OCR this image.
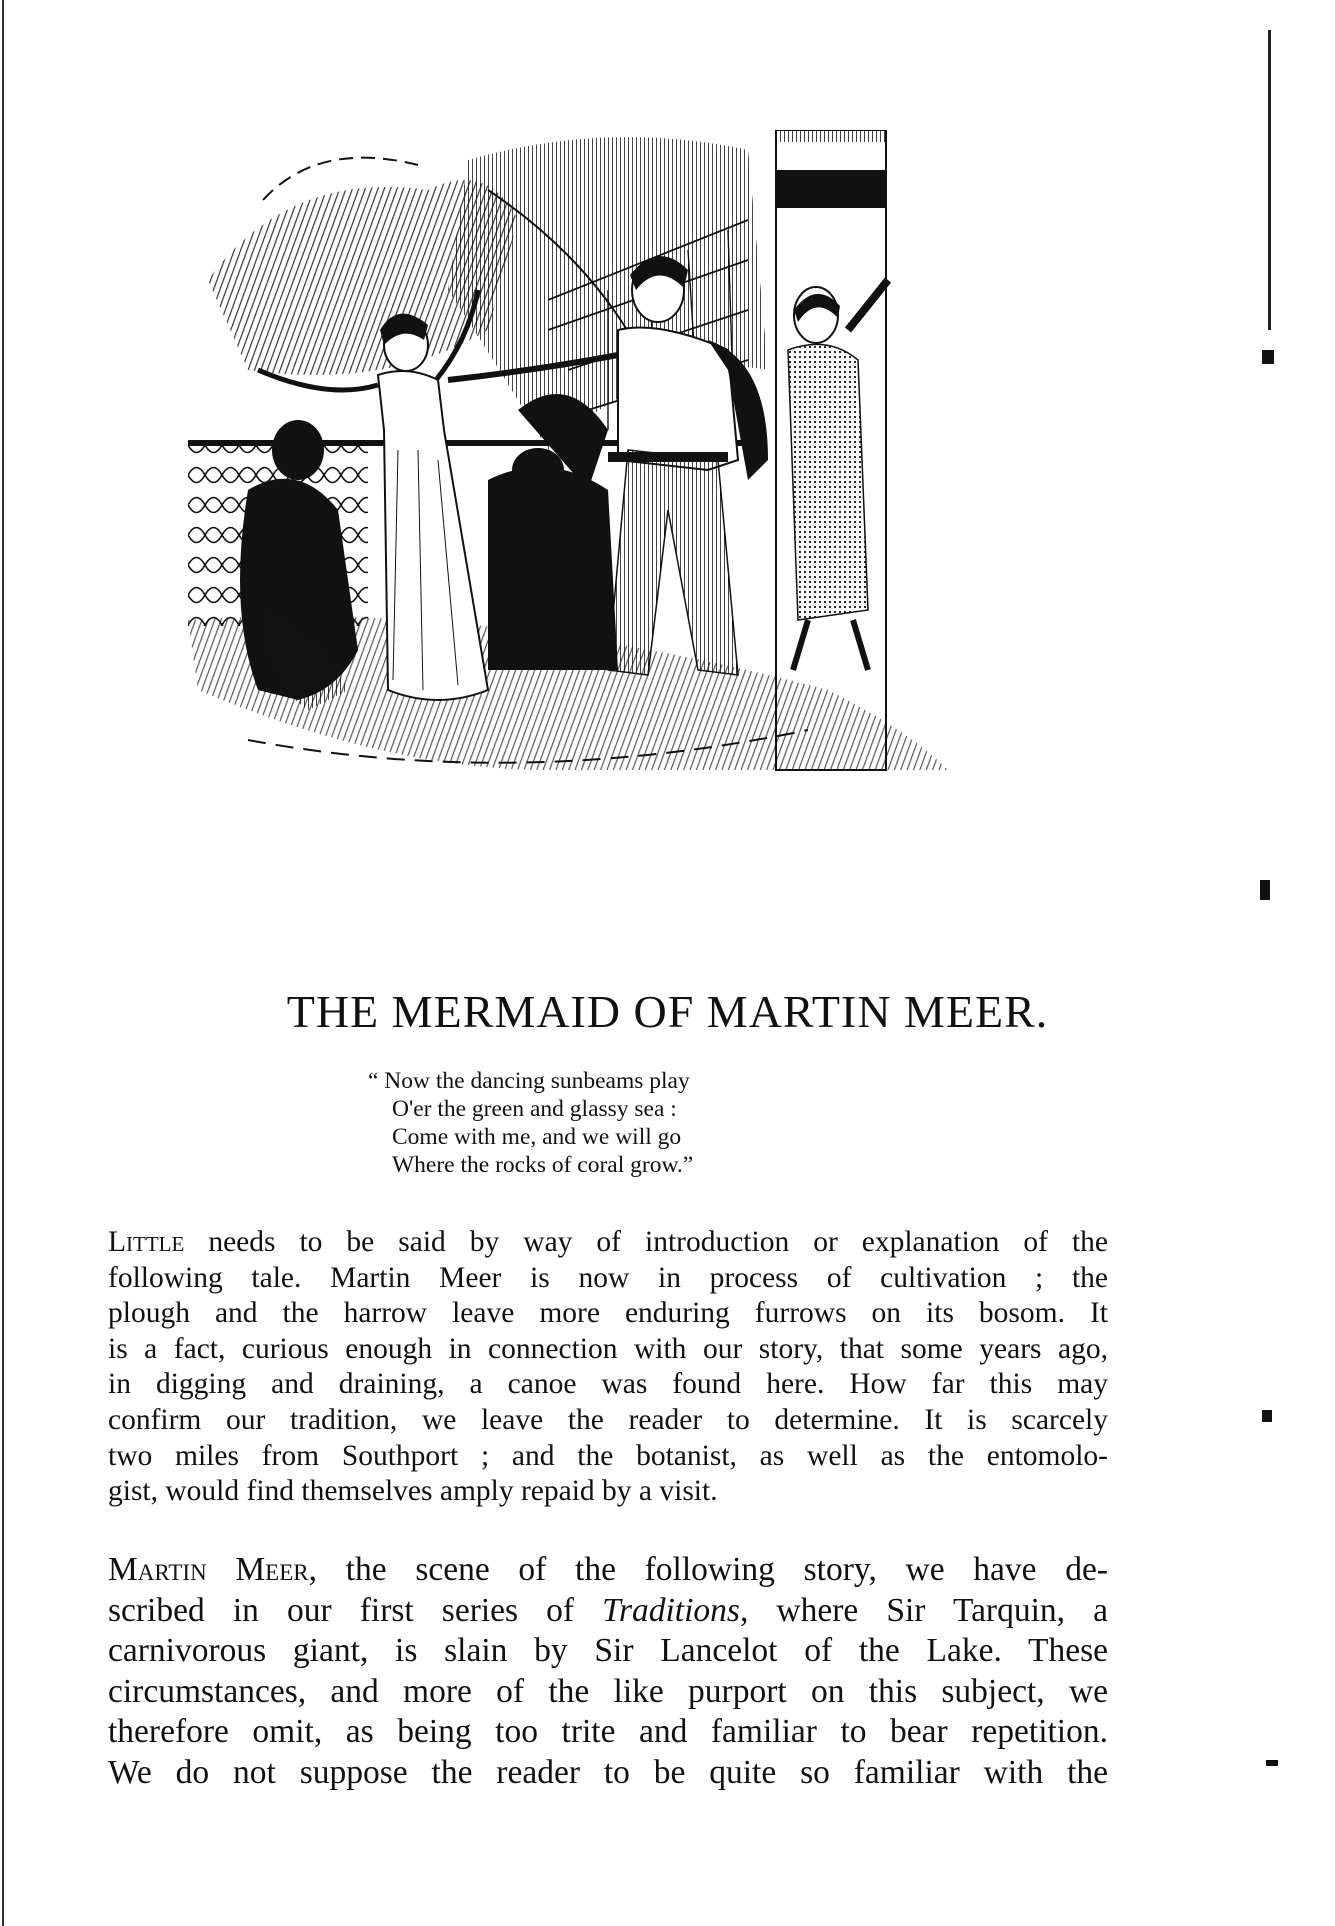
THE MERMAID OF MARTIN MEER.
“ Now the dancing sunbeams play
O'er the green and glassy sea :
Come with me, and we will go
Where the rocks of coral grow.”
Little needs to be said by way of introduction or explanation of the
following tale. Martin Meer is now in process of cultivation ; the
plough and the harrow leave more enduring furrows on its bosom. It
is a fact, curious enough in connection with our story, that some years ago,
in digging and draining, a canoe was found here. How far this may
confirm our tradition, we leave the reader to determine. It is scarcely
two miles from Southport ; and the botanist, as well as the entomolo-
gist, would find themselves amply repaid by a visit.
Martin Meer, the scene of the following story, we have de-
scribed in our first series of Traditions, where Sir Tarquin, a
carnivorous giant, is slain by Sir Lancelot of the Lake. These
circumstances, and more of the like purport on this subject, we
therefore omit, as being too trite and familiar to bear repetition.
We do not suppose the reader to be quite so familiar with the
